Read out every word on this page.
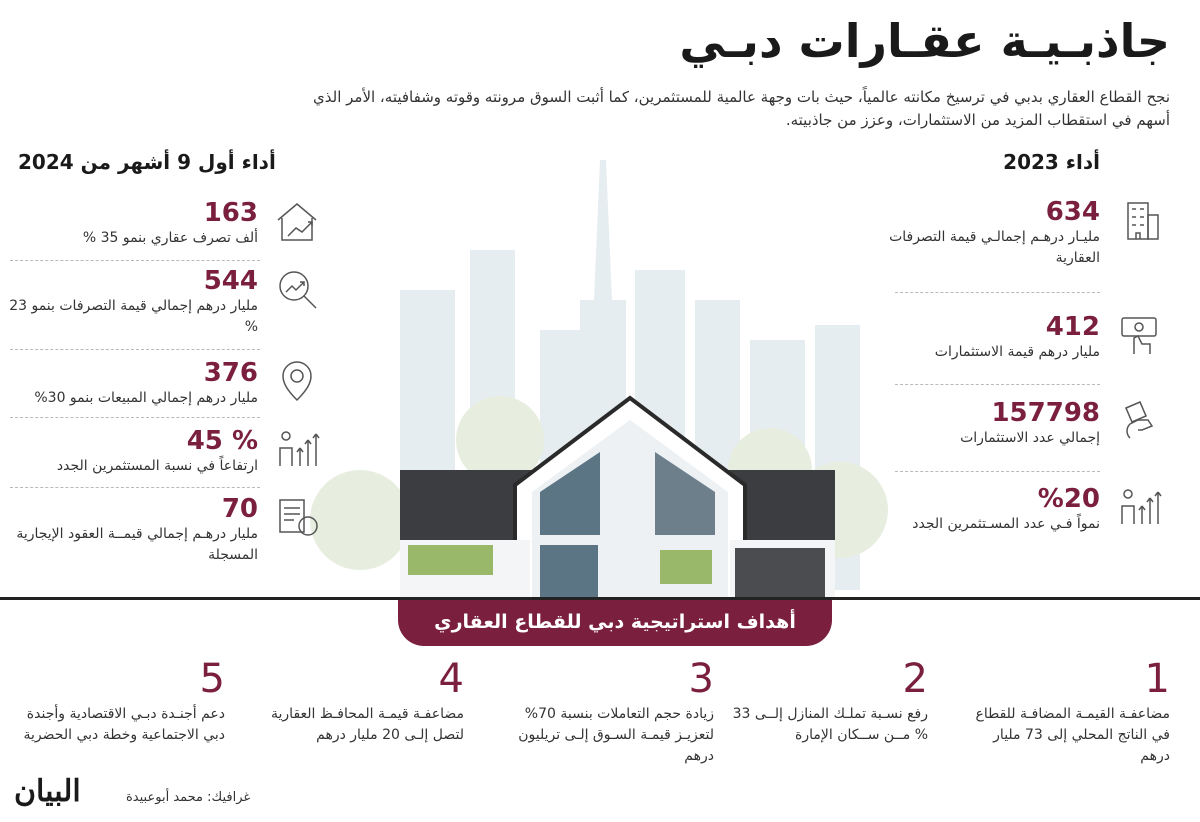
جاذبـيـة عقـارات دبـي
نجح القطاع العقاري بدبي في ترسيخ مكانته عالمياً، حيث بات وجهة عالمية للمستثمرين، كما أثبت السوق مرونته وقوته وشفافيته، الأمر الذي أسهم في استقطاب المزيد من الاستثمارات، وعزز من جاذبيته.
أداء 2023
أداء أول 9 أشهر من 2024
634
مليـار درهـم إجمالـي قيمة التصرفات العقارية
412
مليار درهم قيمة الاستثمارات
157798
إجمالي عدد الاستثمارات
%20
نمواً فـي عدد المسـتثمرين الجدد
163
ألف تصرف عقاري بنمو 35 %
544
مليار درهم إجمالي قيمة التصرفات بنمو 23 %
376
مليار درهم إجمالي المبيعات بنمو 30%
% 45
ارتفاعاً في نسبة المستثمرين الجدد
70
مليار درهـم إجمالي قيمــة العقود الإيجارية المسجلة
أهداف استراتيجية دبي للقطاع العقاري
1
مضاعفـة القيمـة المضافـة للقطاع في الناتج المحلي إلى 73 مليار درهم
2
رفع نسـبة تملـك المنازل إلــى 33 % مــن ســكان الإمارة
3
زيادة حجم التعاملات بنسبة 70% لتعزيـز قيمـة السـوق إلـى تريليون درهم
4
مضاعفـة قيمـة المحافـظ العقارية لتصل إلـى 20 مليار درهم
5
دعم أجنـدة دبـي الاقتصادية وأجندة دبي الاجتماعية وخطة دبي الحضرية
غرافيك: محمد أبوعبيدة
البيان
